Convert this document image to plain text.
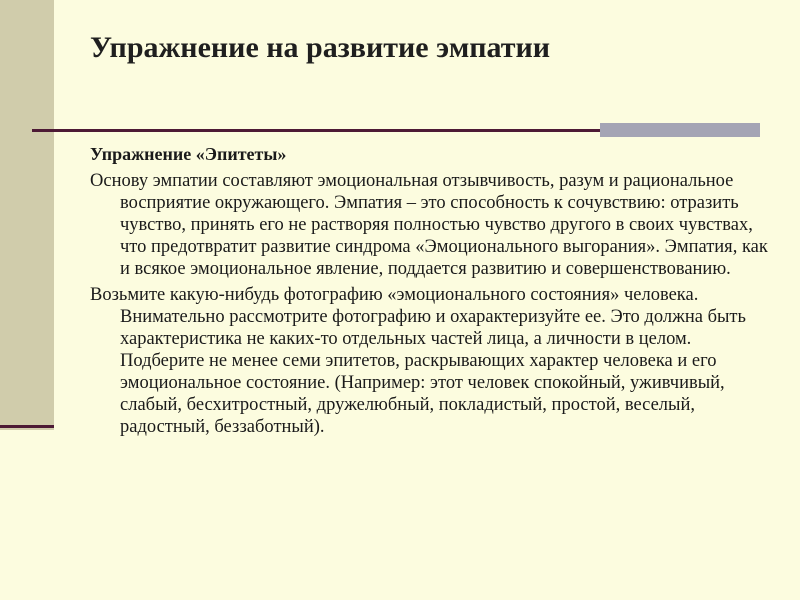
Упражнение на развитие эмпатии

Упражнение «Эпитеты»

Основу эмпатии составляют эмоциональная отзывчивость, разум и рациональное восприятие окружающего. Эмпатия – это способность к сочувствию: отразить чувство, принять его не растворяя полностью чувство другого в своих чувствах, что предотвратит развитие синдрома «Эмоционального выгорания». Эмпатия, как и всякое эмоциональное явление, поддается развитию и совершенствованию.

Возьмите какую-нибудь фотографию «эмоционального состояния» человека. Внимательно рассмотрите фотографию и охарактеризуйте ее. Это должна быть характеристика не каких-то отдельных частей лица, а личности в целом. Подберите не менее семи эпитетов, раскрывающих характер человека и его эмоциональное состояние. (Например: этот человек спокойный, уживчивый, слабый, бесхитростный, дружелюбный, покладистый, простой, веселый, радостный, беззаботный).
